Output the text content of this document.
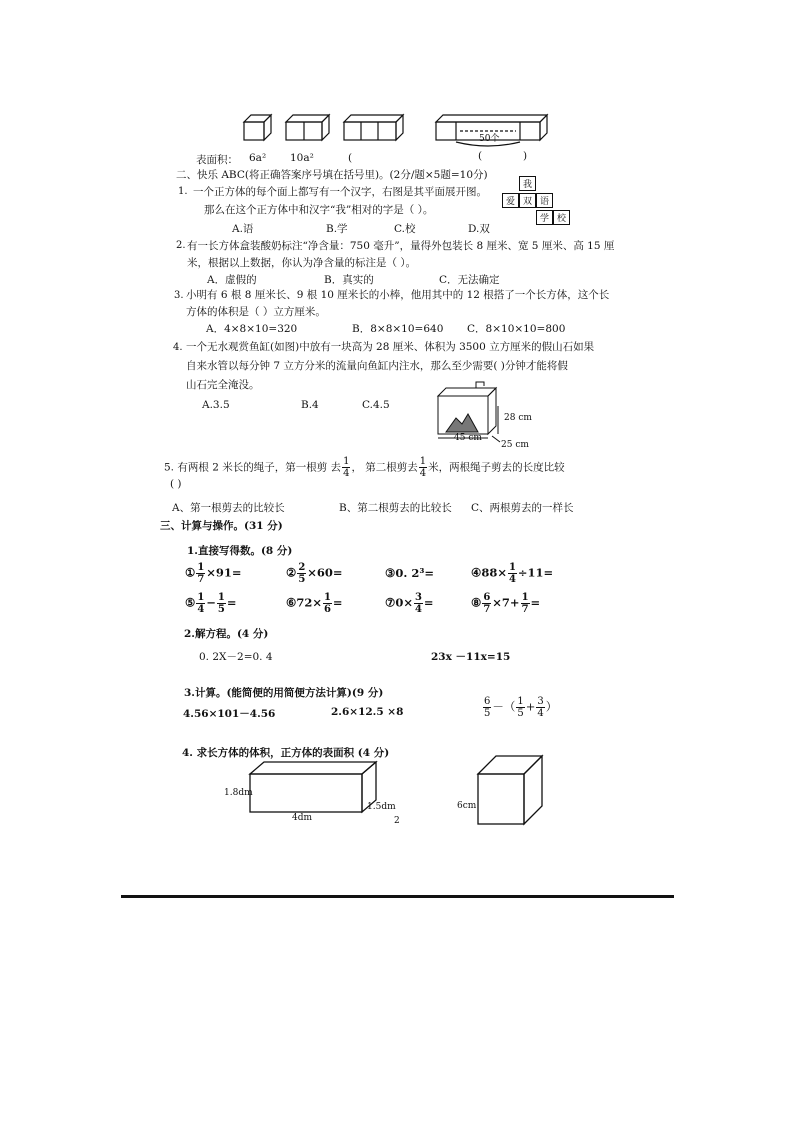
50个
表面积： 6a² 10a²	(	(	)
二、快乐 ABC(将正确答案序号填在括号里)。(2分/题×5题=10分)
1. 一个正方体的每个面上都写有一个汉字，右图是其平面展开图。
那么在这个正方体中和汉字“我”相对的字是（ ）。
A.语	B.学	C.校	D.双
我
爱 双 语
学 校
2. 有一长方体盒装酸奶标注“净含量：750 毫升”，量得外包装长 8 厘米、宽 5 厘米、高 15 厘
米，根据以上数据，你认为净含量的标注是（ ）。
A．虚假的	B．真实的	C．无法确定
3. 小明有 6 根 8 厘米长、9 根 10 厘米长的小棒，他用其中的 12 根搭了一个长方体，这个长
方体的体积是（ ）立方厘米。
A．4×8×10=320	B．8×8×10=640 C．8×10×10=800
4. 一个无水观赏鱼缸(如图)中放有一块高为 28 厘米、体积为 3500 立方厘米的假山石如果
自来水管以每分钟 7 立方分米的流量向鱼缸内注水，那么至少需要( )分钟才能将假
山石完全淹没。
A.3.5	B.4	C.4.5
28 cm
45 cm
25 cm
5. 有两根 2 米长的绳子，第一根剪 去 $\frac{1}{4}$ ， 第二根剪去 $\frac{1}{4}$ 米，两根绳子剪去的长度比较
( )
A、第一根剪去的比较长	B、第二根剪去的比较长 C、两根剪去的一样长
三、计算与操作。(31 分)
1.直接写得数。(8 分)
① $\frac{1}{7} \times 91=$	② $\frac{2}{5} \times 60=$	③0. 2³=	④88× $\frac{1}{4} \div 11=$
⑤ $\frac{1}{4} - \frac{1}{5}$ =	⑥72× $\frac{1}{6}$ =	⑦0× $\frac{3}{4}$ =	⑧ $\frac{6}{7} \times 7+ \frac{1}{7}$ =
2.解方程。(4 分)
0. 2X－2=0. 4	23x －11x=15
3.计算。(能简便的用简便方法计算)(9 分)
4.56×101－4.56	2.6×12.5 ×8	$\frac{6}{5}$ －（ $\frac{1}{5} + \frac{3}{4}$ ）
4. 求长方体的体积，正方体的表面积 (4 分)
1.8dm
1.5dm
4dm
6cm
2
